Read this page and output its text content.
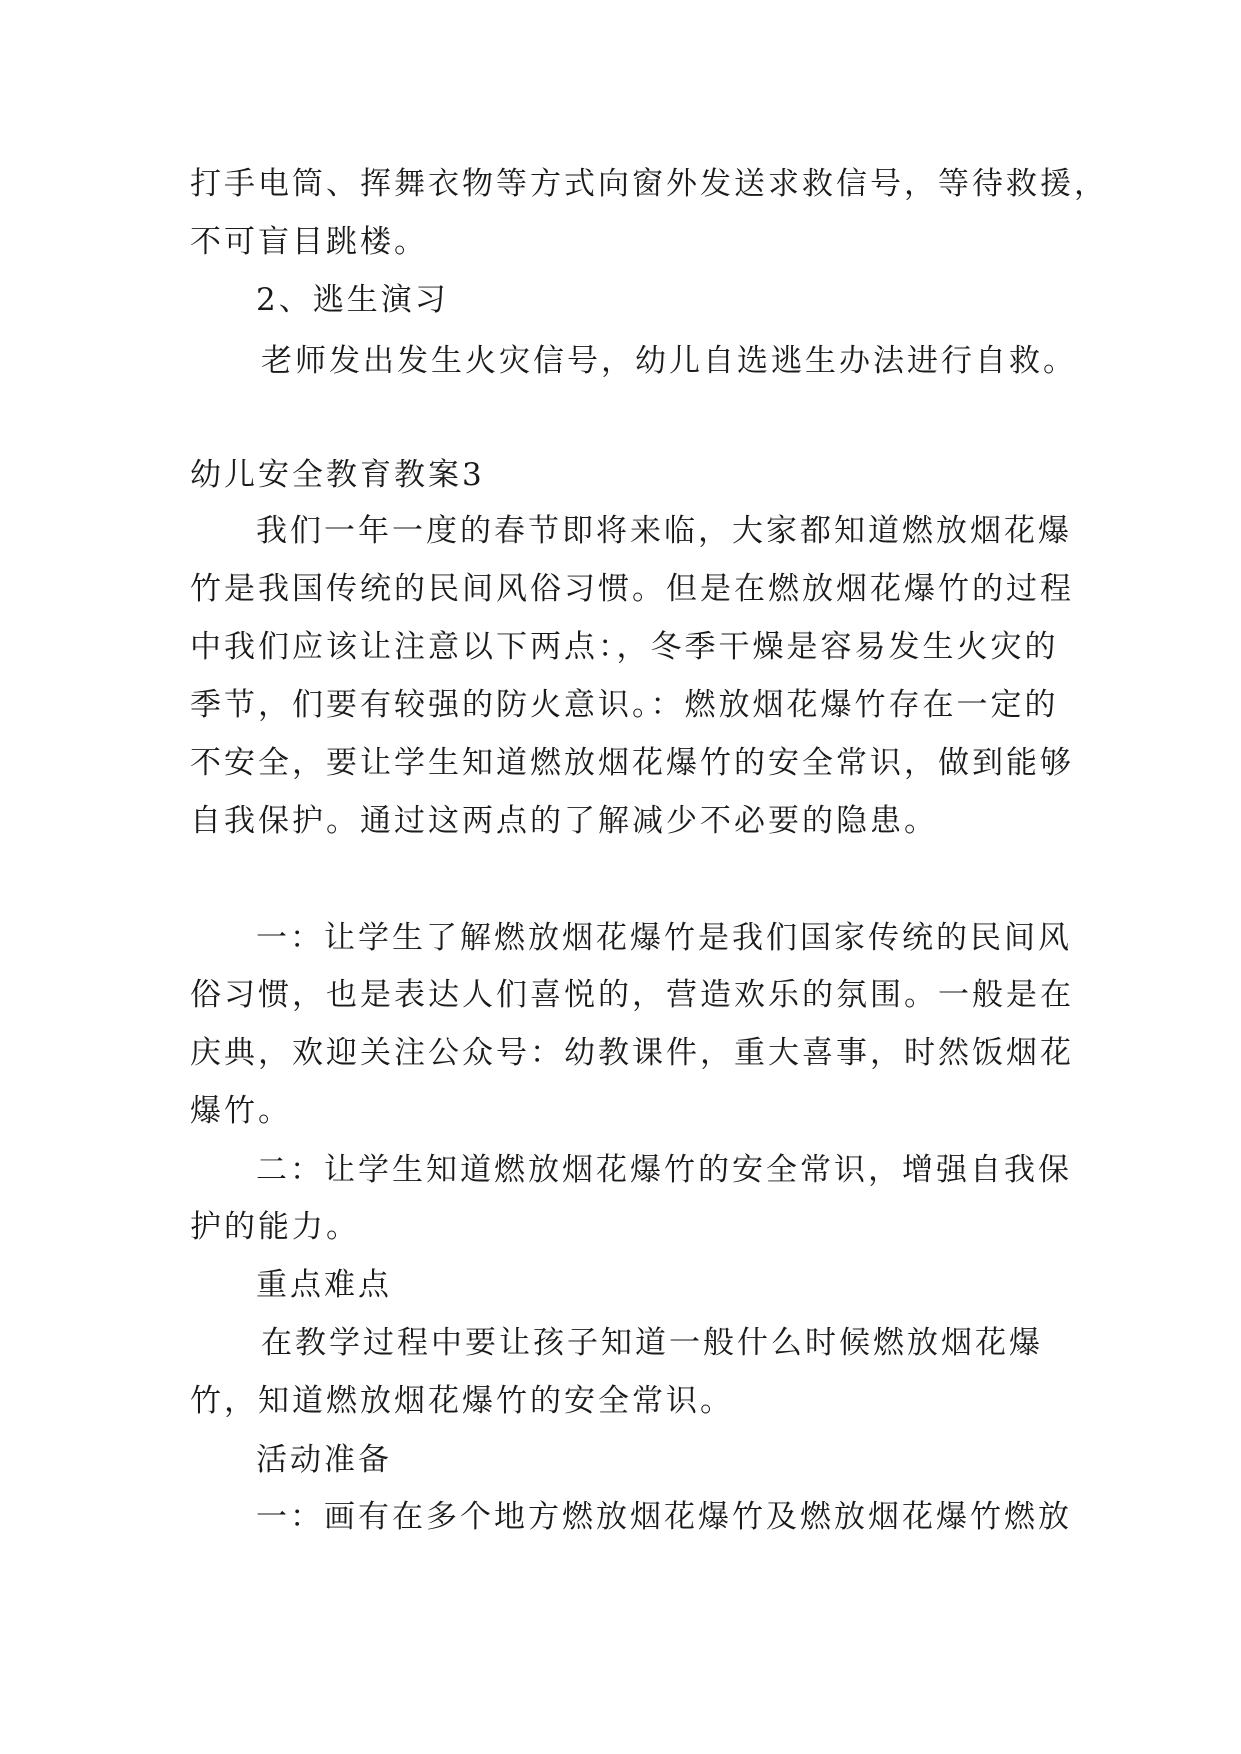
打手电筒、挥舞衣物等方式向窗外发送求救信号，等待救援，
不可盲目跳楼。
2、逃生演习
老师发出发生火灾信号，幼儿自选逃生办法进行自救。
幼儿安全教育教案3
我们一年一度的春节即将来临，大家都知道燃放烟花爆
竹是我国传统的民间风俗习惯。但是在燃放烟花爆竹的过程
中我们应该让注意以下两点：，冬季干燥是容易发生火灾的
季节，们要有较强的防火意识。：燃放烟花爆竹存在一定的
不安全，要让学生知道燃放烟花爆竹的安全常识，做到能够
自我保护。通过这两点的了解减少不必要的隐患。
一：让学生了解燃放烟花爆竹是我们国家传统的民间风
俗习惯，也是表达人们喜悦的，营造欢乐的氛围。一般是在
庆典，欢迎关注公众号：幼教课件，重大喜事，时然饭烟花
爆竹。
二：让学生知道燃放烟花爆竹的安全常识，增强自我保
护的能力。
重点难点
在教学过程中要让孩子知道一般什么时候燃放烟花爆
竹，知道燃放烟花爆竹的安全常识。
活动准备
一：画有在多个地方燃放烟花爆竹及燃放烟花爆竹燃放
